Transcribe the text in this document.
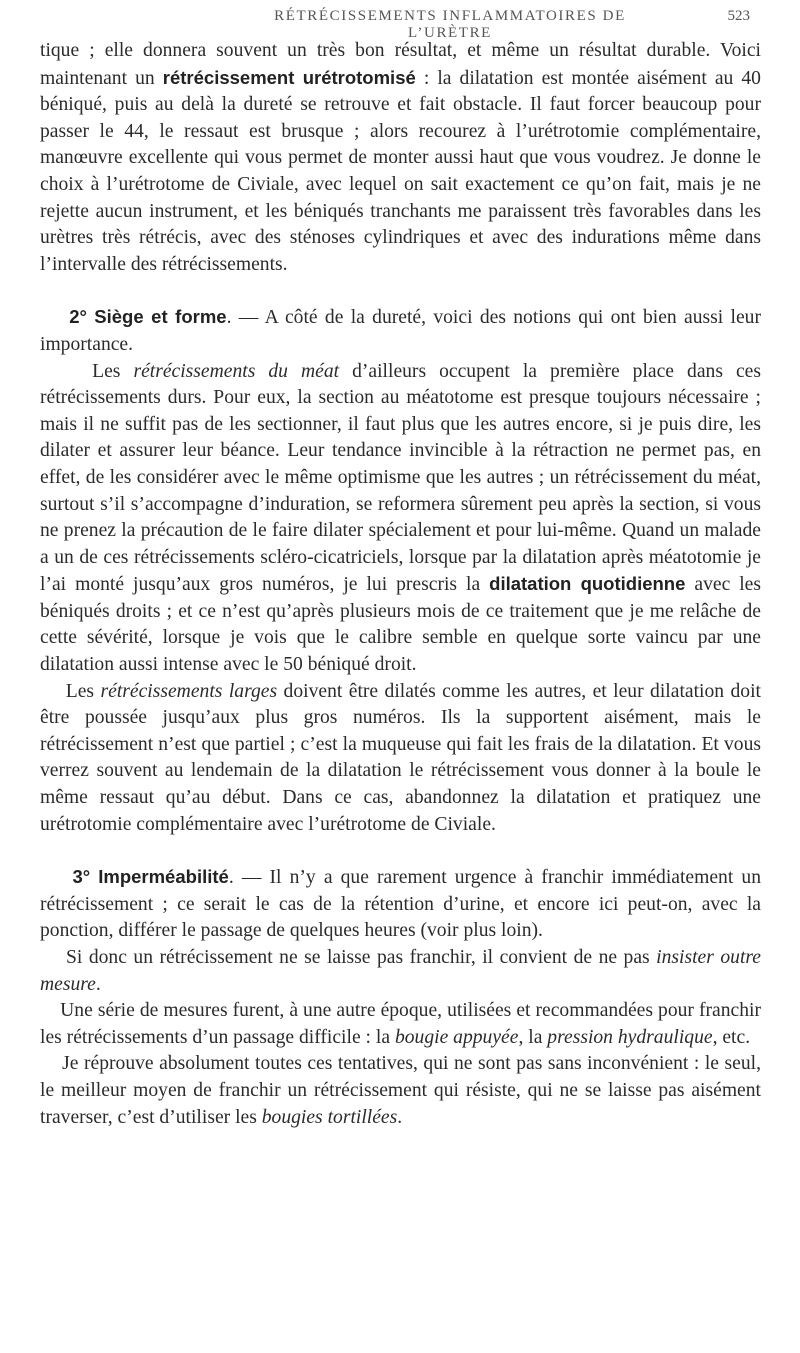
RÉTRÉCISSEMENTS INFLAMMATOIRES DE L’URÈTRE
523

tique ; elle donnera souvent un très bon résultat, et même un résultat durable. Voici maintenant un rétrécissement urétrotomisé : la dilatation est montée aisément au 40 béniqué, puis au delà la dureté se retrouve et fait obstacle. Il faut forcer beaucoup pour passer le 44, le ressaut est brusque ; alors recourez à l’urétrotomie complémentaire, manœuvre excellente qui vous permet de monter aussi haut que vous voudrez. Je donne le choix à l’urétrotome de Civiale, avec lequel on sait exactement ce qu’on fait, mais je ne rejette aucun instrument, et les béniqués tranchants me paraissent très favorables dans les urètres très rétrécis, avec des sténoses cylindriques et avec des indurations même dans l’intervalle des rétrécissements.

2° Siège et forme. — A côté de la dureté, voici des notions qui ont bien aussi leur importance.

Les rétrécissements du méat d’ailleurs occupent la première place dans ces rétrécissements durs. Pour eux, la section au méatotome est presque toujours nécessaire ; mais il ne suffit pas de les sectionner, il faut plus que les autres encore, si je puis dire, les dilater et assurer leur béance. Leur tendance invincible à la rétraction ne permet pas, en effet, de les considérer avec le même optimisme que les autres ; un rétrécissement du méat, surtout s’il s’accompagne d’induration, se reformera sûrement peu après la section, si vous ne prenez la précaution de le faire dilater spécialement et pour lui-même. Quand un malade a un de ces rétrécissements scléro-cicatriciels, lorsque par la dilatation après méatotomie je l’ai monté jusqu’aux gros numéros, je lui prescris la dilatation quotidienne avec les béniqués droits ; et ce n’est qu’après plusieurs mois de ce traitement que je me relâche de cette sévérité, lorsque je vois que le calibre semble en quelque sorte vaincu par une dilatation aussi intense avec le 50 béniqué droit.

Les rétrécissements larges doivent être dilatés comme les autres, et leur dilatation doit être poussée jusqu’aux plus gros numéros. Ils la supportent aisément, mais le rétrécissement n’est que partiel ; c’est la muqueuse qui fait les frais de la dilatation. Et vous verrez souvent au lendemain de la dilatation le rétrécissement vous donner à la boule le même ressaut qu’au début. Dans ce cas, abandonnez la dilatation et pratiquez une urétrotomie complémentaire avec l’urétrotome de Civiale.

3° Imperméabilité. — Il n’y a que rarement urgence à franchir immédiatement un rétrécissement ; ce serait le cas de la rétention d’urine, et encore ici peut-on, avec la ponction, différer le passage de quelques heures (voir plus loin).

Si donc un rétrécissement ne se laisse pas franchir, il convient de ne pas insister outre mesure.

Une série de mesures furent, à une autre époque, utilisées et recommandées pour franchir les rétrécissements d’un passage difficile : la bougie appuyée, la pression hydraulique, etc.

Je réprouve absolument toutes ces tentatives, qui ne sont pas sans inconvénient : le seul, le meilleur moyen de franchir un rétrécissement qui résiste, qui ne se laisse pas aisément traverser, c’est d’utiliser les bougies tortillées.
